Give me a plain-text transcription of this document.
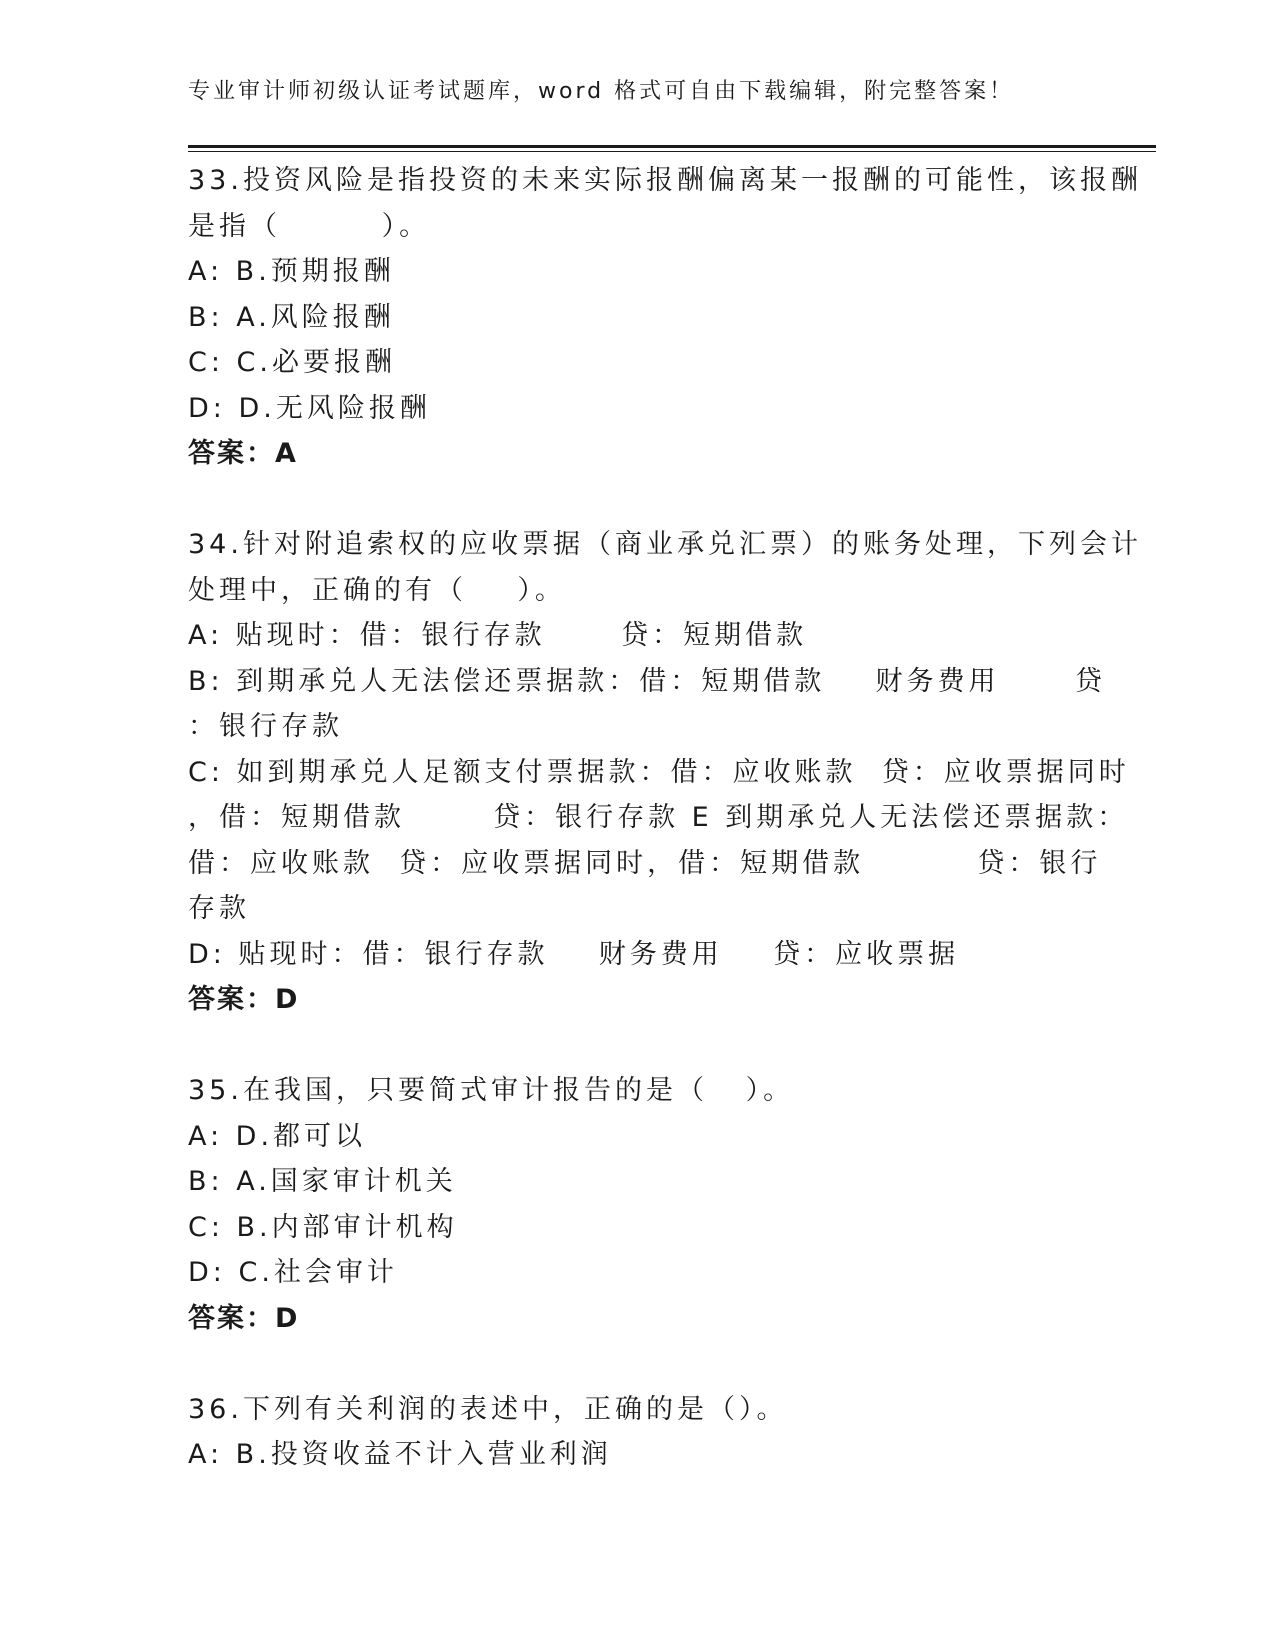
专业审计师初级认证考试题库，word 格式可自由下载编辑，附完整答案！

33.投资风险是指投资的未来实际报酬偏离某一报酬的可能性，该报酬

是指（        ）。

A: B.预期报酬

B: A.风险报酬

C: C.必要报酬

D: D.无风险报酬

答案：A

34.针对附追索权的应收票据（商业承兑汇票）的账务处理，下列会计

处理中，正确的有（    ）。

A: 贴现时：借：银行存款      贷：短期借款

B: 到期承兑人无法偿还票据款：借：短期借款    财务费用      贷

：银行存款

C: 如到期承兑人足额支付票据款：借：应收账款  贷：应收票据同时

，借：短期借款       贷：银行存款 E 到期承兑人无法偿还票据款：

借：应收账款  贷：应收票据同时，借：短期借款         贷：银行

存款

D: 贴现时：借：银行存款    财务费用    贷：应收票据

答案：D

35.在我国，只要简式审计报告的是（   ）。

A: D.都可以

B: A.国家审计机关

C: B.内部审计机构

D: C.社会审计

答案：D

36.下列有关利润的表述中，正确的是（）。

A: B.投资收益不计入营业利润
